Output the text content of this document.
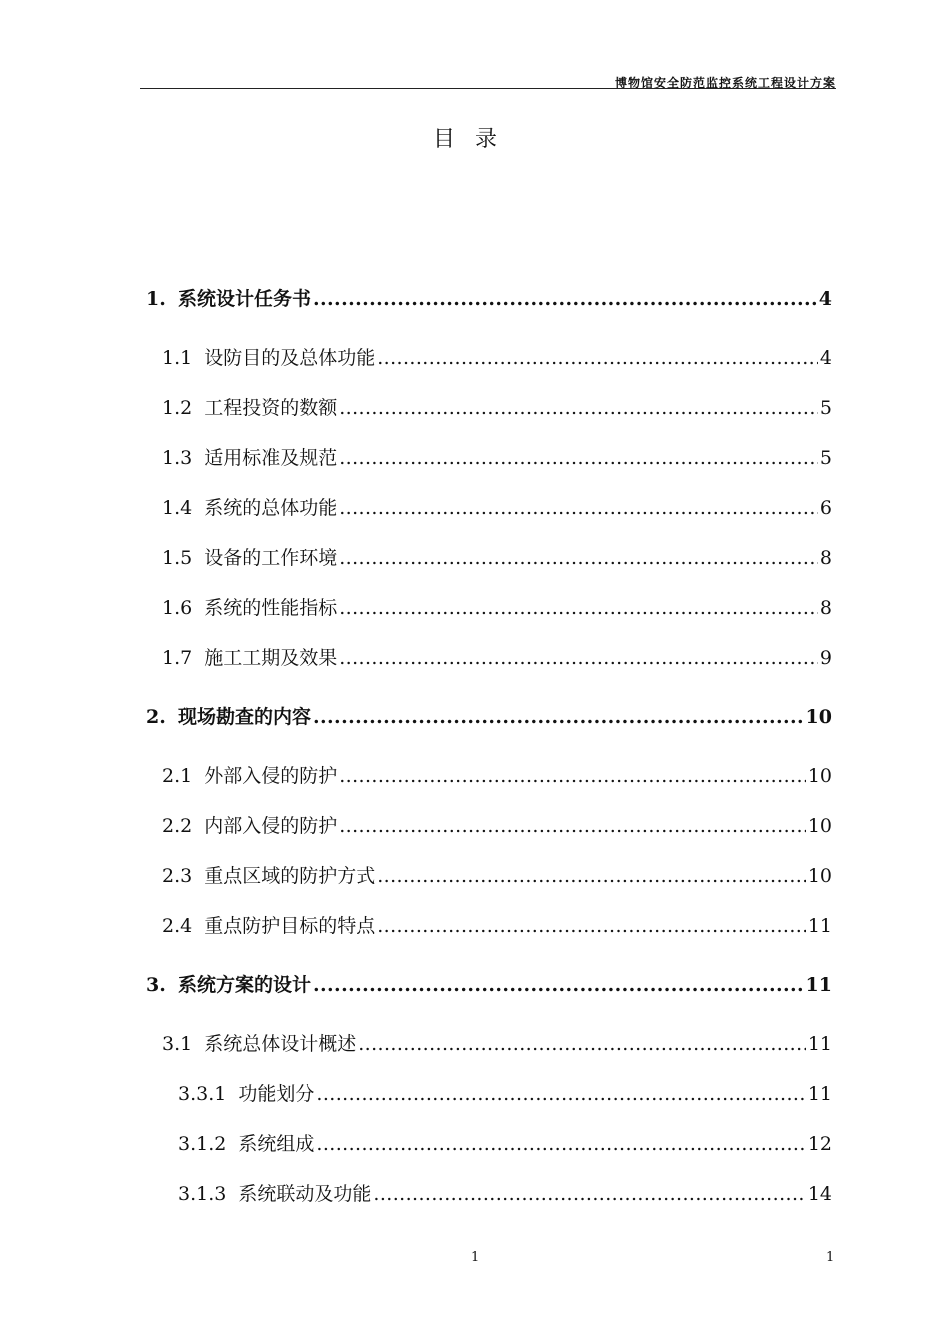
博物馆安全防范监控系统工程设计方案
目录
1. 系统设计任务书 .....	4
1.1 设防目的及总体功能 .....	4
1.2 工程投资的数额 .....	5
1.3 适用标准及规范 .....	5
1.4 系统的总体功能 .....	6
1.5 设备的工作环境 .....	8
1.6 系统的性能指标 .....	8
1.7 施工工期及效果 .....	9
2. 现场勘查的内容 .....	10
2.1 外部入侵的防护 .....	10
2.2 内部入侵的防护 .....	10
2.3 重点区域的防护方式 .....	10
2.4 重点防护目标的特点 .....	11
3. 系统方案的设计 .....	11
3.1 系统总体设计概述 .....	11
3.3.1 功能划分 .....	11
3.1.2 系统组成 .....	12
3.1.3 系统联动及功能 .....	14
1	1
